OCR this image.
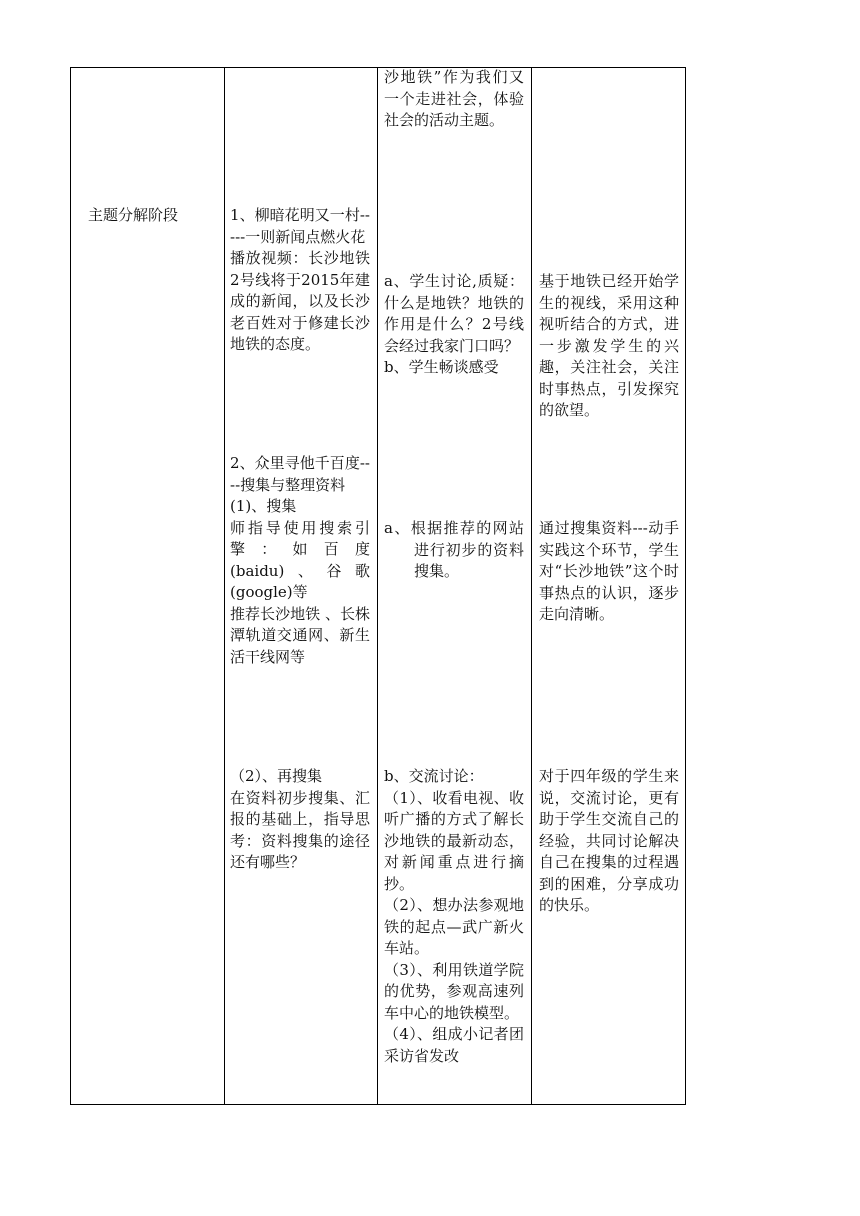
主题分解阶段	1、柳暗花明又一村-----一则新闻点燃火花

播放视频：长沙地铁2号线将于2015年建成的新闻，以及长沙老百姓对于修建长沙地铁的态度。

2、众里寻他千百度----搜集与整理资料

(1)、搜集

师指导使用搜索引擎：如百度(baidu)、谷歌(google)等

推荐长沙地铁 、长株潭轨道交通网、新生活干线网等

（2）、再搜集

在资料初步搜集、汇报的基础上，指导思考：资料搜集的途径还有哪些？

沙地铁”作为我们又一个走进社会，体验社会的活动主题。

a、学生讨论,质疑：什么是地铁？地铁的作用是什么？2号线会经过我家门口吗？

b、学生畅谈感受

a、根据推荐的网站进行初步的资料搜集。

b、交流讨论：

（1）、收看电视、收听广播的方式了解长沙地铁的最新动态，对新闻重点进行摘抄。

（2）、想办法参观地铁的起点—武广新火车站。

（3）、利用铁道学院的优势，参观高速列车中心的地铁模型。

（4）、组成小记者团采访省发改

基于地铁已经开始学生的视线，采用这种视听结合的方式，进一步激发学生的兴趣，关注社会，关注时事热点，引发探究的欲望。

通过搜集资料---动手实践这个环节，学生对“长沙地铁”这个时事热点的认识，逐步走向清晰。

对于四年级的学生来说，交流讨论，更有助于学生交流自己的经验，共同讨论解决自己在搜集的过程遇到的困难，分享成功的快乐。
